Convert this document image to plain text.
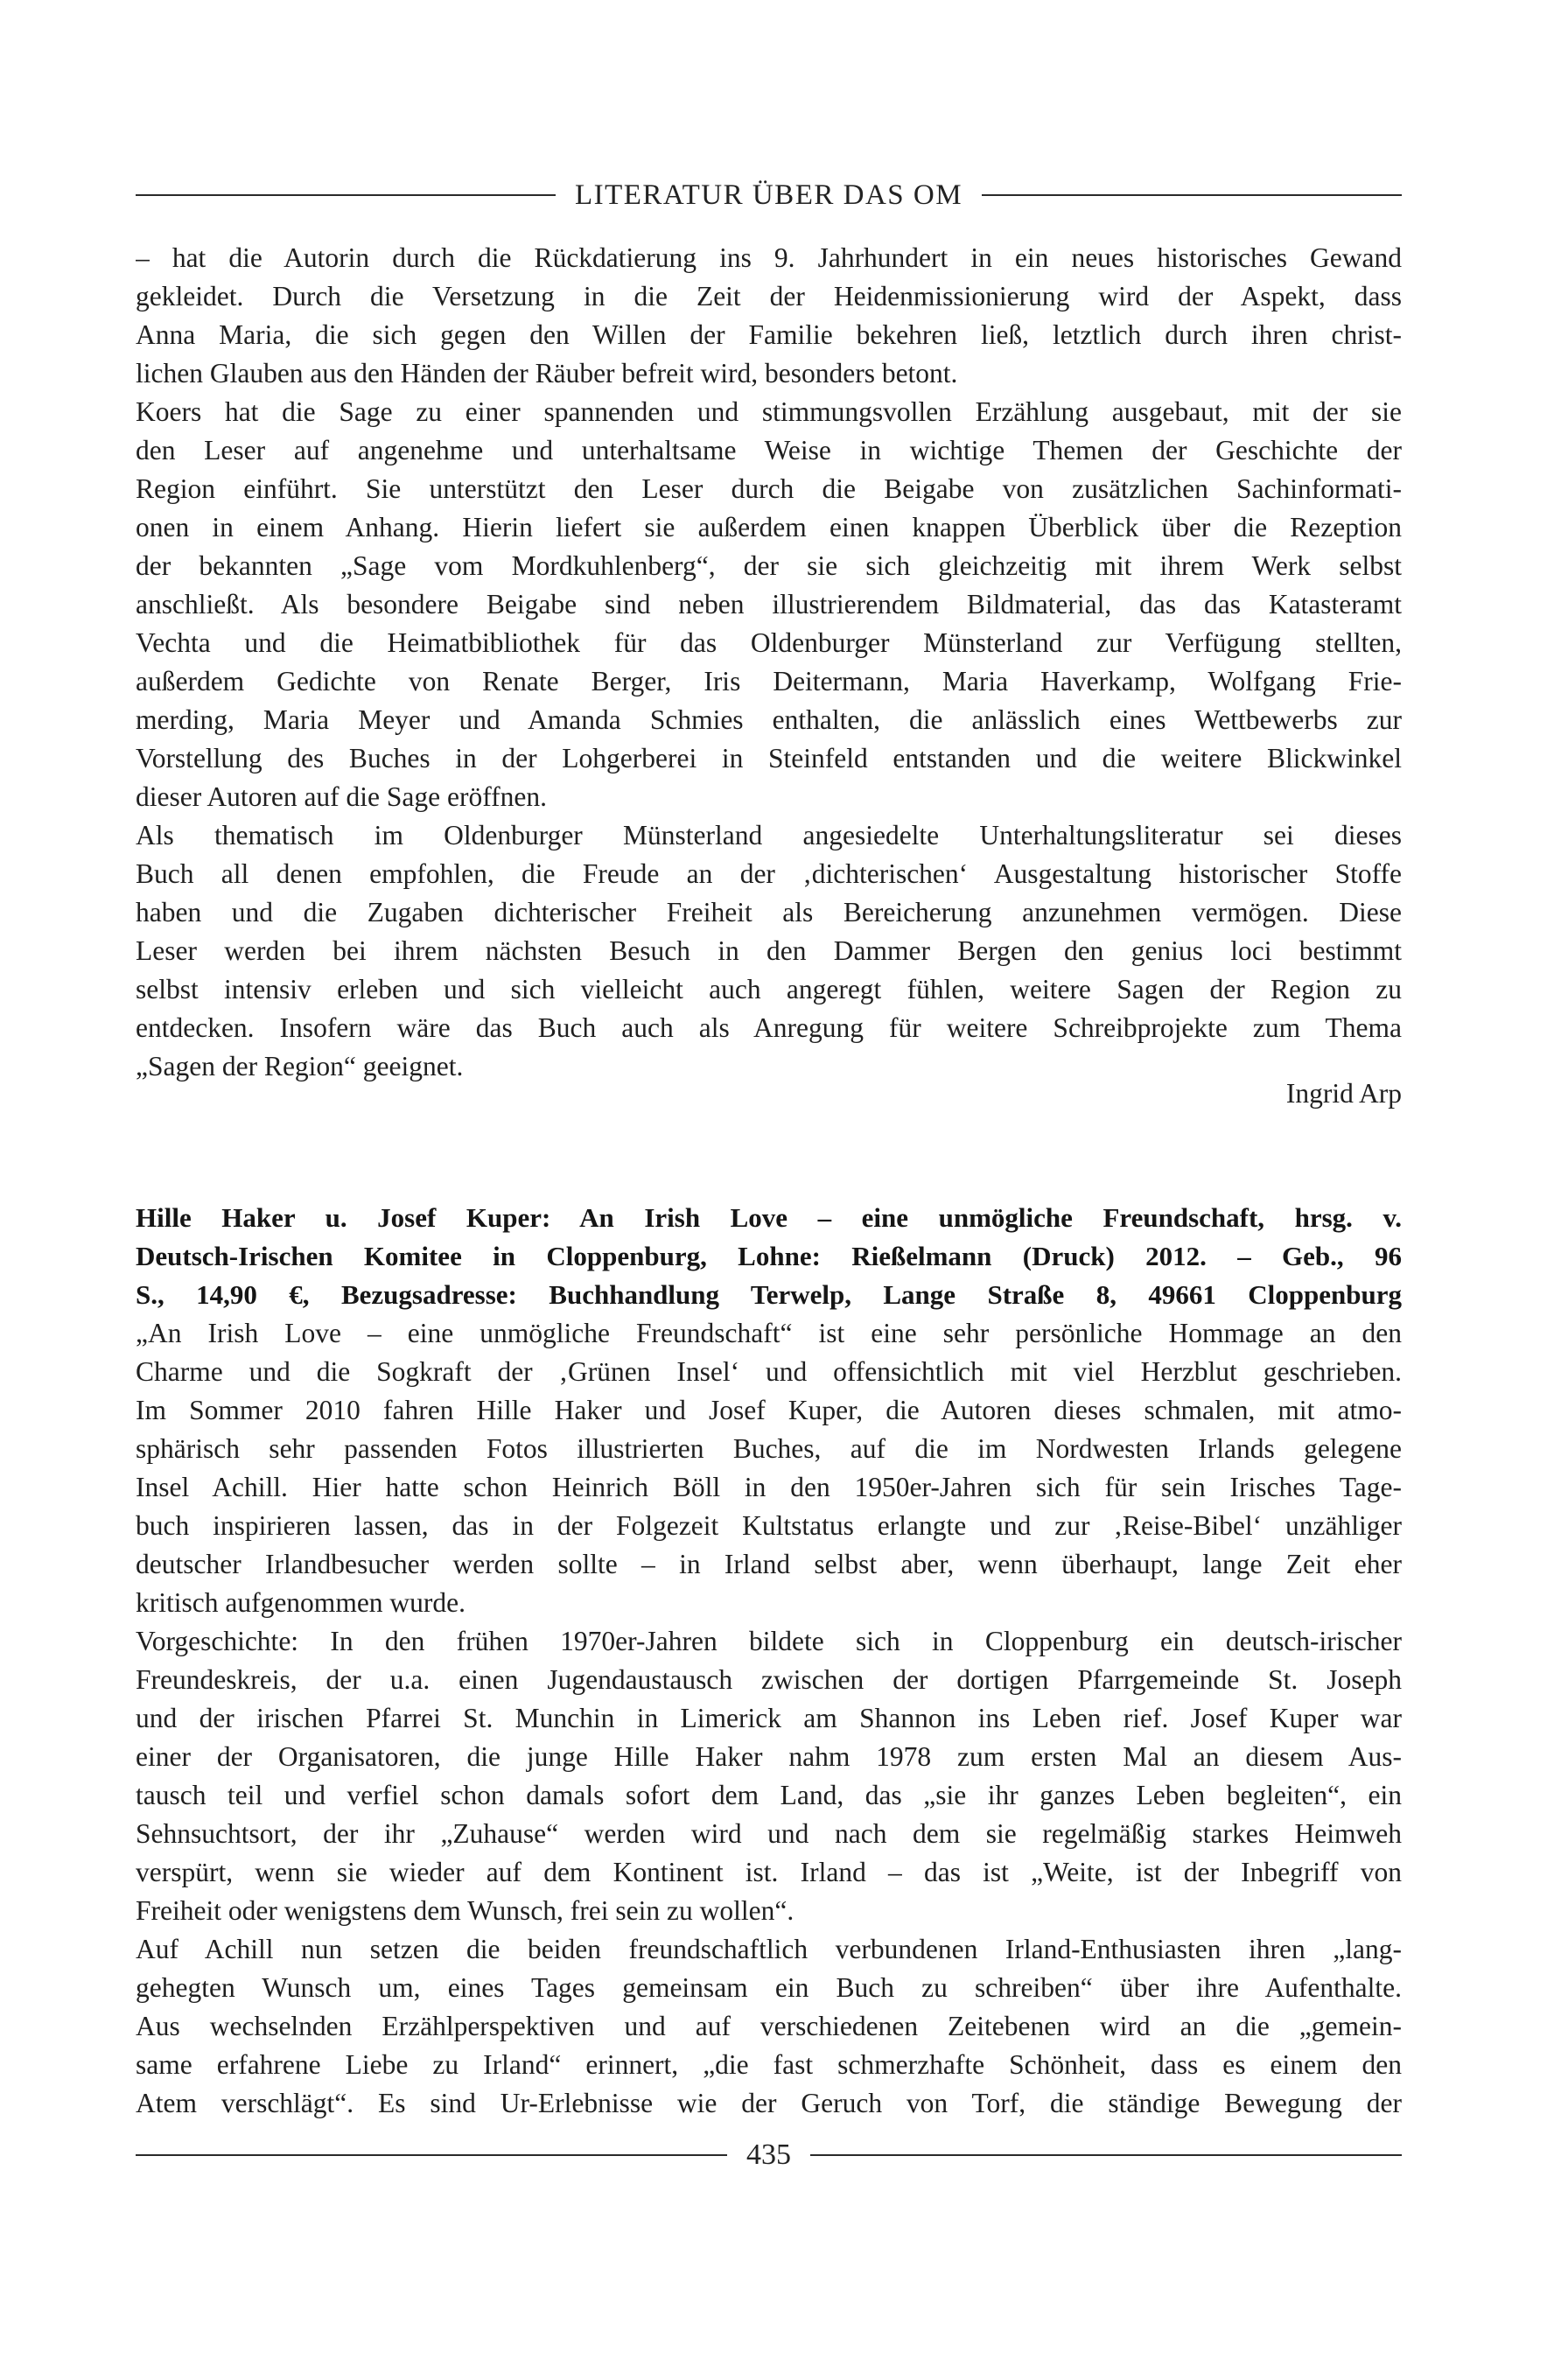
LITERATUR ÜBER DAS OM
– hat die Autorin durch die Rückdatierung ins 9. Jahrhundert in ein neues historisches Gewand
gekleidet. Durch die Versetzung in die Zeit der Heidenmissionierung wird der Aspekt, dass
Anna Maria, die sich gegen den Willen der Familie bekehren ließ, letztlich durch ihren christ-
lichen Glauben aus den Händen der Räuber befreit wird, besonders betont.
Koers hat die Sage zu einer spannenden und stimmungsvollen Erzählung ausgebaut, mit der sie
den Leser auf angenehme und unterhaltsame Weise in wichtige Themen der Geschichte der
Region einführt. Sie unterstützt den Leser durch die Beigabe von zusätzlichen Sachinformati-
onen in einem Anhang. Hierin liefert sie außerdem einen knappen Überblick über die Rezeption
der bekannten „Sage vom Mordkuhlenberg“, der sie sich gleichzeitig mit ihrem Werk selbst
anschließt. Als besondere Beigabe sind neben illustrierendem Bildmaterial, das das Katasteramt
Vechta und die Heimatbibliothek für das Oldenburger Münsterland zur Verfügung stellten,
außerdem Gedichte von Renate Berger, Iris Deitermann, Maria Haverkamp, Wolfgang Frie-
merding, Maria Meyer und Amanda Schmies enthalten, die anlässlich eines Wettbewerbs zur
Vorstellung des Buches in der Lohgerberei in Steinfeld entstanden und die weitere Blickwinkel
dieser Autoren auf die Sage eröffnen.
Als thematisch im Oldenburger Münsterland angesiedelte Unterhaltungsliteratur sei dieses
Buch all denen empfohlen, die Freude an der ‚dichterischen‘ Ausgestaltung historischer Stoffe
haben und die Zugaben dichterischer Freiheit als Bereicherung anzunehmen vermögen. Diese
Leser werden bei ihrem nächsten Besuch in den Dammer Bergen den genius loci bestimmt
selbst intensiv erleben und sich vielleicht auch angeregt fühlen, weitere Sagen der Region zu
entdecken. Insofern wäre das Buch auch als Anregung für weitere Schreibprojekte zum Thema
„Sagen der Region“ geeignet.
Ingrid Arp
Hille Haker u. Josef Kuper: An Irish Love – eine unmögliche Freundschaft, hrsg. v.
Deutsch-Irischen Komitee in Cloppenburg, Lohne: Rießelmann (Druck) 2012. – Geb., 96
S., 14,90 €, Bezugsadresse: Buchhandlung Terwelp, Lange Straße 8, 49661 Cloppenburg
„An Irish Love – eine unmögliche Freundschaft“ ist eine sehr persönliche Hommage an den
Charme und die Sogkraft der ‚Grünen Insel‘ und offensichtlich mit viel Herzblut geschrieben.
Im Sommer 2010 fahren Hille Haker und Josef Kuper, die Autoren dieses schmalen, mit atmo-
sphärisch sehr passenden Fotos illustrierten Buches, auf die im Nordwesten Irlands gelegene
Insel Achill. Hier hatte schon Heinrich Böll in den 1950er-Jahren sich für sein Irisches Tage-
buch inspirieren lassen, das in der Folgezeit Kultstatus erlangte und zur ‚Reise-Bibel‘ unzähliger
deutscher Irlandbesucher werden sollte – in Irland selbst aber, wenn überhaupt, lange Zeit eher
kritisch aufgenommen wurde.
Vorgeschichte: In den frühen 1970er-Jahren bildete sich in Cloppenburg ein deutsch-irischer
Freundeskreis, der u.a. einen Jugendaustausch zwischen der dortigen Pfarrgemeinde St. Joseph
und der irischen Pfarrei St. Munchin in Limerick am Shannon ins Leben rief. Josef Kuper war
einer der Organisatoren, die junge Hille Haker nahm 1978 zum ersten Mal an diesem Aus-
tausch teil und verfiel schon damals sofort dem Land, das „sie ihr ganzes Leben begleiten“, ein
Sehnsuchtsort, der ihr „Zuhause“ werden wird und nach dem sie regelmäßig starkes Heimweh
verspürt, wenn sie wieder auf dem Kontinent ist. Irland – das ist „Weite, ist der Inbegriff von
Freiheit oder wenigstens dem Wunsch, frei sein zu wollen“.
Auf Achill nun setzen die beiden freundschaftlich verbundenen Irland-Enthusiasten ihren „lang-
gehegten Wunsch um, eines Tages gemeinsam ein Buch zu schreiben“ über ihre Aufenthalte.
Aus wechselnden Erzählperspektiven und auf verschiedenen Zeitebenen wird an die „gemein-
same erfahrene Liebe zu Irland“ erinnert, „die fast schmerzhafte Schönheit, dass es einem den
Atem verschlägt“. Es sind Ur-Erlebnisse wie der Geruch von Torf, die ständige Bewegung der
435
